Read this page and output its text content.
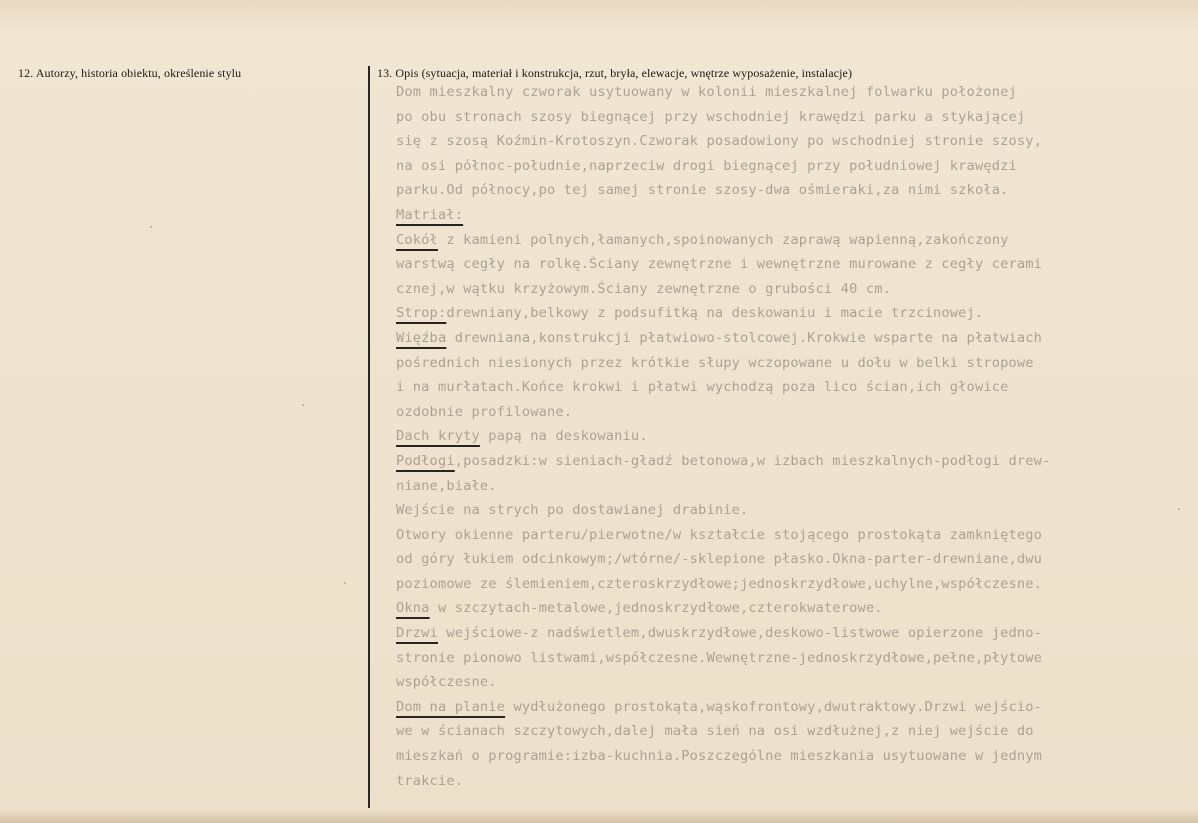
12. Autorzy, historia obiektu, określenie stylu	13. Opis (sytuacja, materiał i konstrukcja, rzut, bryła, elewacje, wnętrze wyposażenie, instalacje)
Dom mieszkalny czworak usytuowany w kolonii mieszkalnej folwarku położonej
po obu stronach szosy biegnącej przy wschodniej krawędzi parku a stykającej
się z szosą Koźmin-Krotoszyn.Czworak posadowiony po wschodniej stronie szosy,
na osi północ-południe,naprzeciw drogi biegnącej przy południowej krawędzi
parku.Od północy,po tej samej stronie szosy-dwa ośmieraki,za nimi szkoła.
Matriał:
Cokół z kamieni polnych,łamanych,spoinowanych zaprawą wapienną,zakończony
warstwą cegły na rolkę.Ściany zewnętrzne i wewnętrzne murowane z cegły cerami
cznej,w wątku krzyżowym.Ściany zewnętrzne o grubości 40 cm.
Strop:drewniany,belkowy z podsufitką na deskowaniu i macie trzcinowej.
Więźba drewniana,konstrukcji płatwiowo-stolcowej.Krokwie wsparte na płatwiach
pośrednich niesionych przez krótkie słupy wczopowane u dołu w belki stropowe
i na murłatach.Końce krokwi i płatwi wychodzą poza lico ścian,ich głowice
ozdobnie profilowane.
Dach kryty papą na deskowaniu.
Podłogi,posadzki:w sieniach-gładź betonowa,w izbach mieszkalnych-podłogi drew-
niane,białe.
Wejście na strych po dostawianej drabinie.
Otwory okienne parteru/pierwotne/w kształcie stojącego prostokąta zamkniętego
od góry łukiem odcinkowym;/wtórne/-sklepione płasko.Okna-parter-drewniane,dwu
poziomowe ze ślemieniem,czteroskrzydłowe;jednoskrzydłowe,uchylne,współczesne.
Okna w szczytach-metalowe,jednoskrzydłowe,czterokwaterowe.
Drzwi wejściowe-z nadświetlem,dwuskrzydłowe,deskowo-listwowe opierzone jedno-
stronie pionowo listwami,współczesne.Wewnętrzne-jednoskrzydłowe,pełne,płytowe
współczesne.
Dom na planie wydłużonego prostokąta,wąskofrontowy,dwutraktowy.Drzwi wejścio-
we w ścianach szczytowych,dalej mała sień na osi wzdłużnej,z niej wejście do
mieszkań o programie:izba-kuchnia.Poszczególne mieszkania usytuowane w jednym
trakcie.
